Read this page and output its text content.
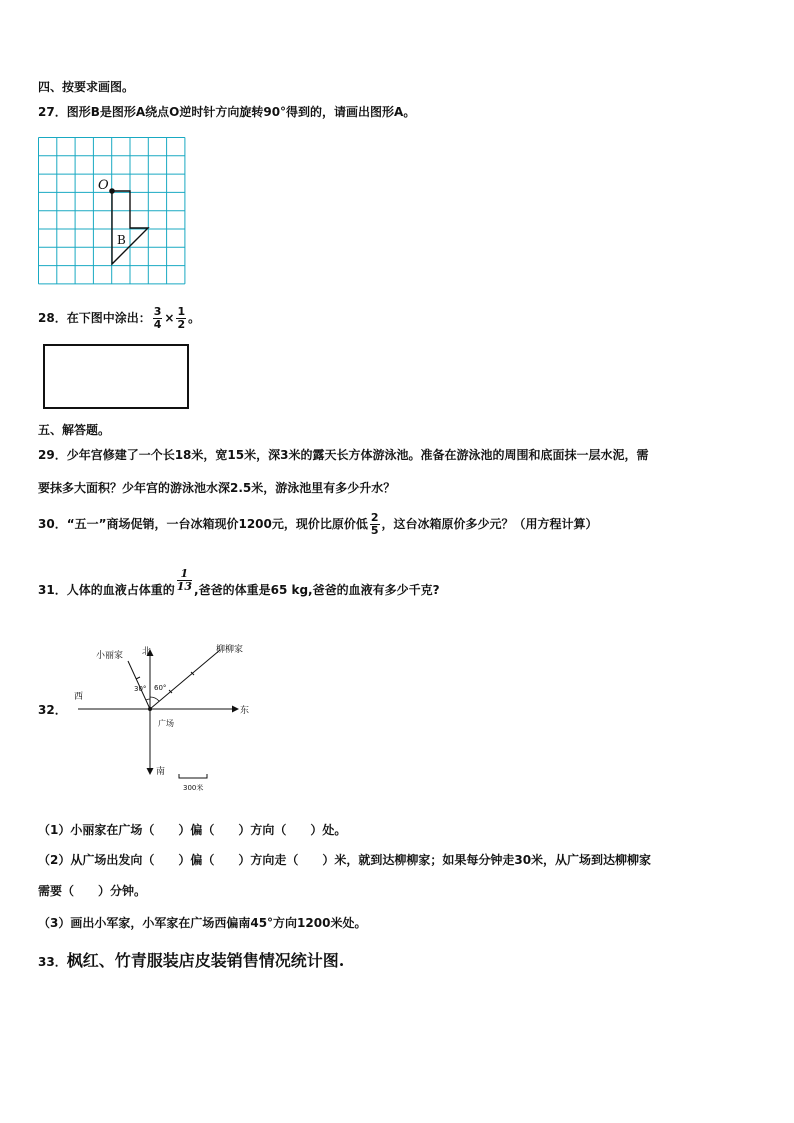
四、按要求画图。
27．图形B是图形A绕点O逆时针方向旋转90°得到的，请画出图形A。
O
B
28．在下图中涂出： $\frac{3}{4} \times \frac{1}{2}$ 。
五、解答题。
29．少年宫修建了一个长18米，宽15米，深3米的露天长方体游泳池。准备在游泳池的周围和底面抹一层水泥，需
要抹多大面积？少年宫的游泳池水深2.5米，游泳池里有多少升水？
30．“五一”商场促销，一台冰箱现价1200元，现价比原价低 $\frac{2}{5}$ ，这台冰箱原价多少元？（用方程计算）
31．人体的血液占体重的 $\frac{1}{13}$ ,爸爸的体重是65 kg,爸爸的血液有多少千克?
32．
西
东
北
南
广场
小丽家
柳柳家
30° 60°
300米
（1）小丽家在广场（　　）偏（　　）方向（　　）处。
（2）从广场出发向（　　）偏（　　）方向走（　　）米，就到达柳柳家；如果每分钟走30米，从广场到达柳柳家
需要（　　）分钟。
（3）画出小军家，小军家在广场西偏南45°方向1200米处。
33．枫红、竹青服装店皮装销售情况统计图.
